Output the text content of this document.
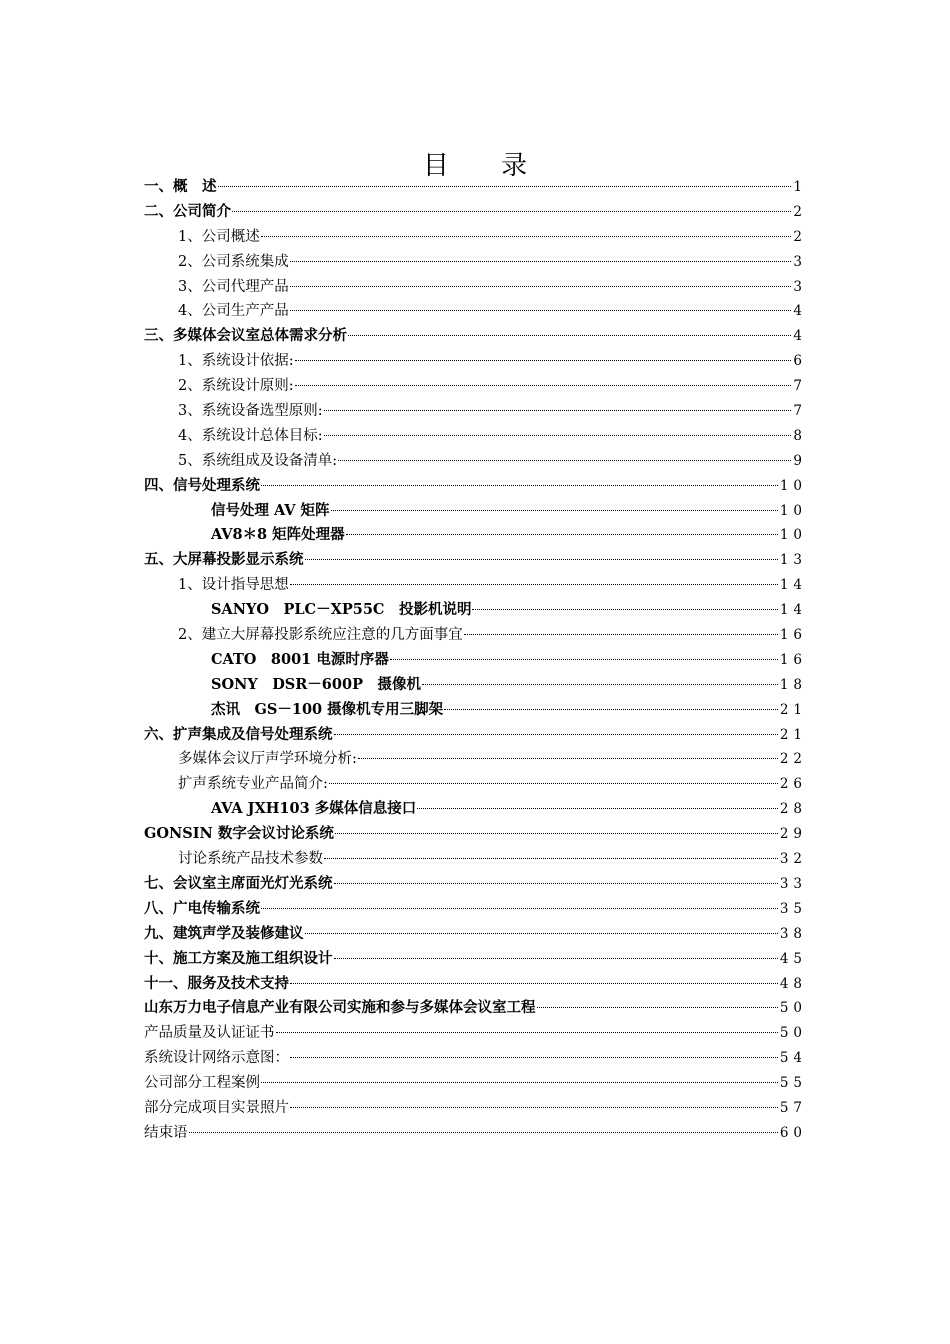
目 录
一、概　述	1
二、公司简介	2
1、公司概述	2
2、公司系统集成	3
3、公司代理产品	3
4、公司生产产品	4
三、多媒体会议室总体需求分析	4
1、系统设计依据:	6
2、系统设计原则:	7
3、系统设备选型原则:	7
4、系统设计总体目标:	8
5、系统组成及设备清单:	9
四、信号处理系统	10
信号处理 AV 矩阵	10
AV8＊8 矩阵处理器	10
五、大屏幕投影显示系统	13
1、设计指导思想	14
SANYO　PLC－XP55C　投影机说明	14
2、建立大屏幕投影系统应注意的几方面事宜	16
CATO　8001 电源时序器	16
SONY　DSR－600P　摄像机	18
杰讯　GS－100 摄像机专用三脚架	21
六、扩声集成及信号处理系统	21
多媒体会议厅声学环境分析:	22
扩声系统专业产品简介:	26
AVA JXH103 多媒体信息接口	28
GONSIN 数字会议讨论系统	29
讨论系统产品技术参数	32
七、会议室主席面光灯光系统	33
八、广电传输系统	35
九、建筑声学及装修建议	38
十、施工方案及施工组织设计	45
十一、服务及技术支持	48
山东万力电子信息产业有限公司实施和参与多媒体会议室工程	50
产品质量及认证证书	50
系统设计网络示意图：	54
公司部分工程案例	55
部分完成项目实景照片	57
结束语	60
